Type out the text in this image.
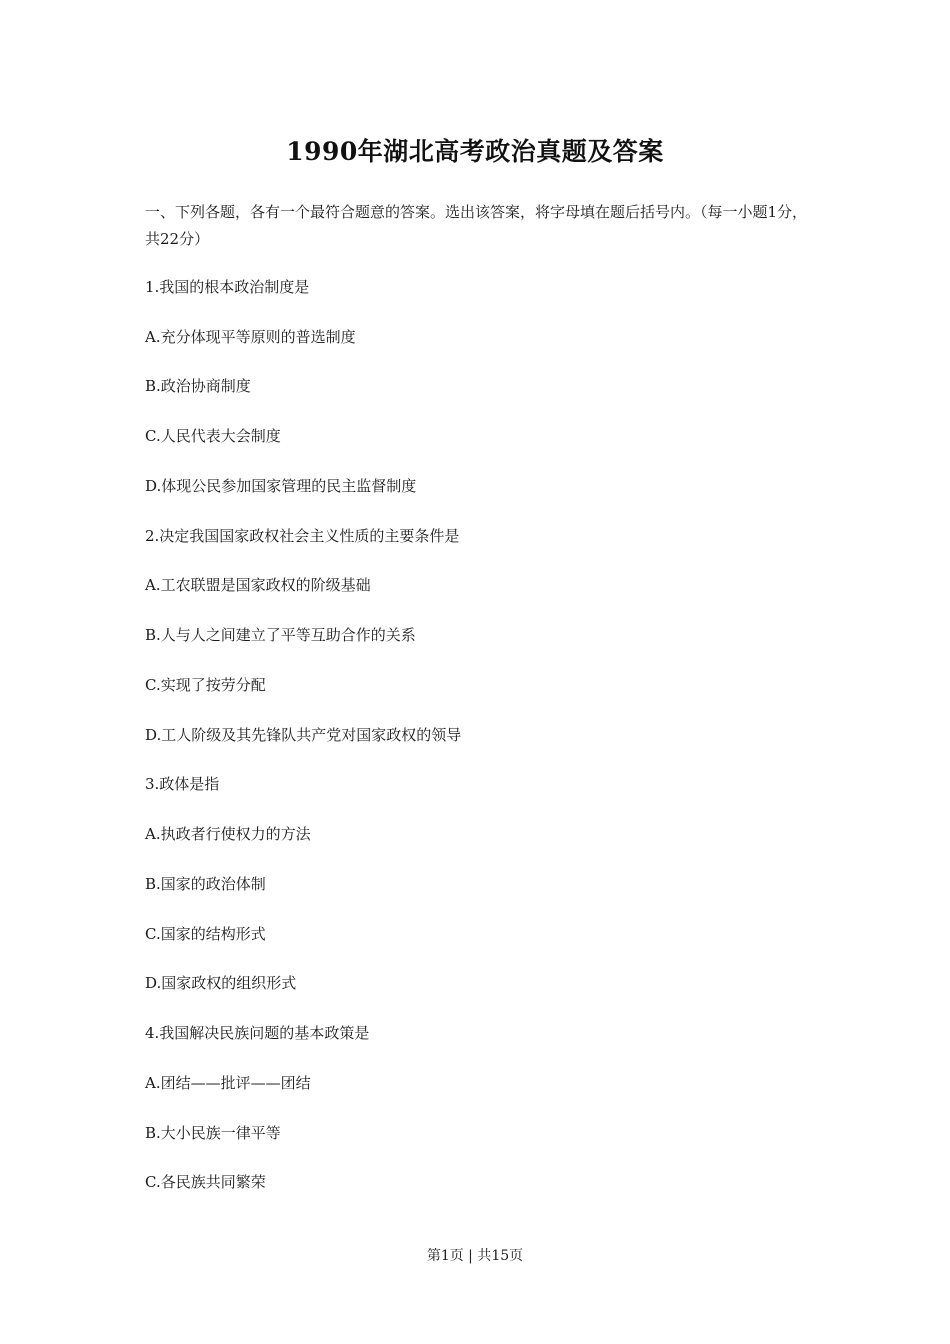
1990年湖北高考政治真题及答案
一、下列各题，各有一个最符合题意的答案。选出该答案，将字母填在题后括号内。（每一小题1分，共22分）
1.我国的根本政治制度是
A.充分体现平等原则的普选制度
B.政治协商制度
C.人民代表大会制度
D.体现公民参加国家管理的民主监督制度
2.决定我国国家政权社会主义性质的主要条件是
A.工农联盟是国家政权的阶级基础
B.人与人之间建立了平等互助合作的关系
C.实现了按劳分配
D.工人阶级及其先锋队共产党对国家政权的领导
3.政体是指
A.执政者行使权力的方法
B.国家的政治体制
C.国家的结构形式
D.国家政权的组织形式
4.我国解决民族问题的基本政策是
A.团结——批评——团结
B.大小民族一律平等
C.各民族共同繁荣
第1页 | 共15页
